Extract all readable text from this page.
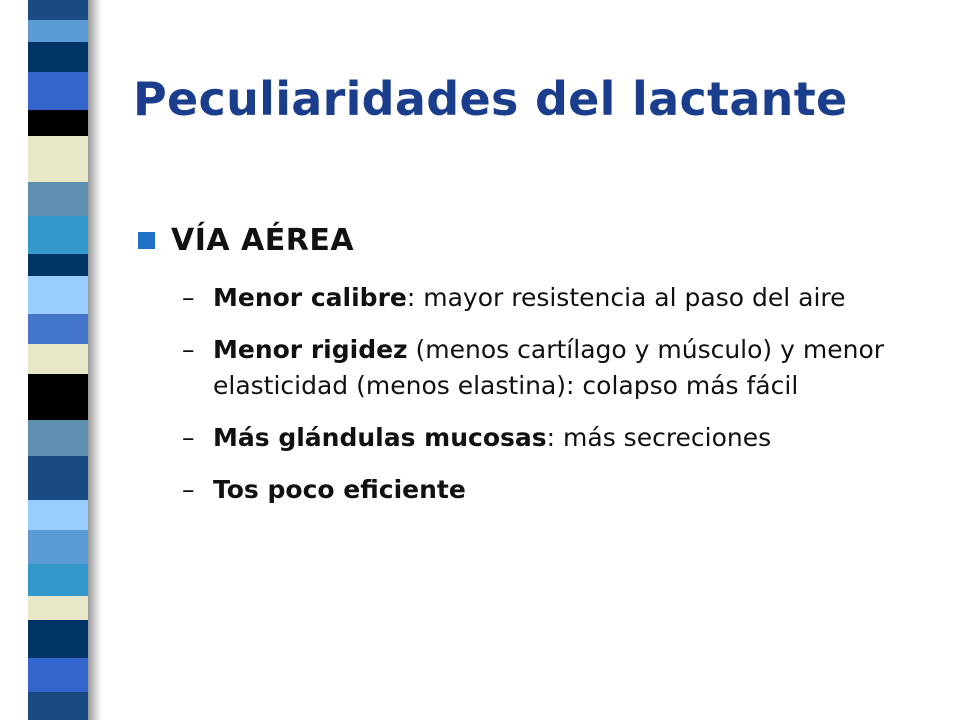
Peculiaridades del lactante
VÍA AÉREA
– Menor calibre: mayor resistencia al paso del aire
– Menor rigidez (menos cartílago y músculo) y menor elasticidad (menos elastina): colapso más fácil
– Más glándulas mucosas: más secreciones
– Tos poco eficiente
